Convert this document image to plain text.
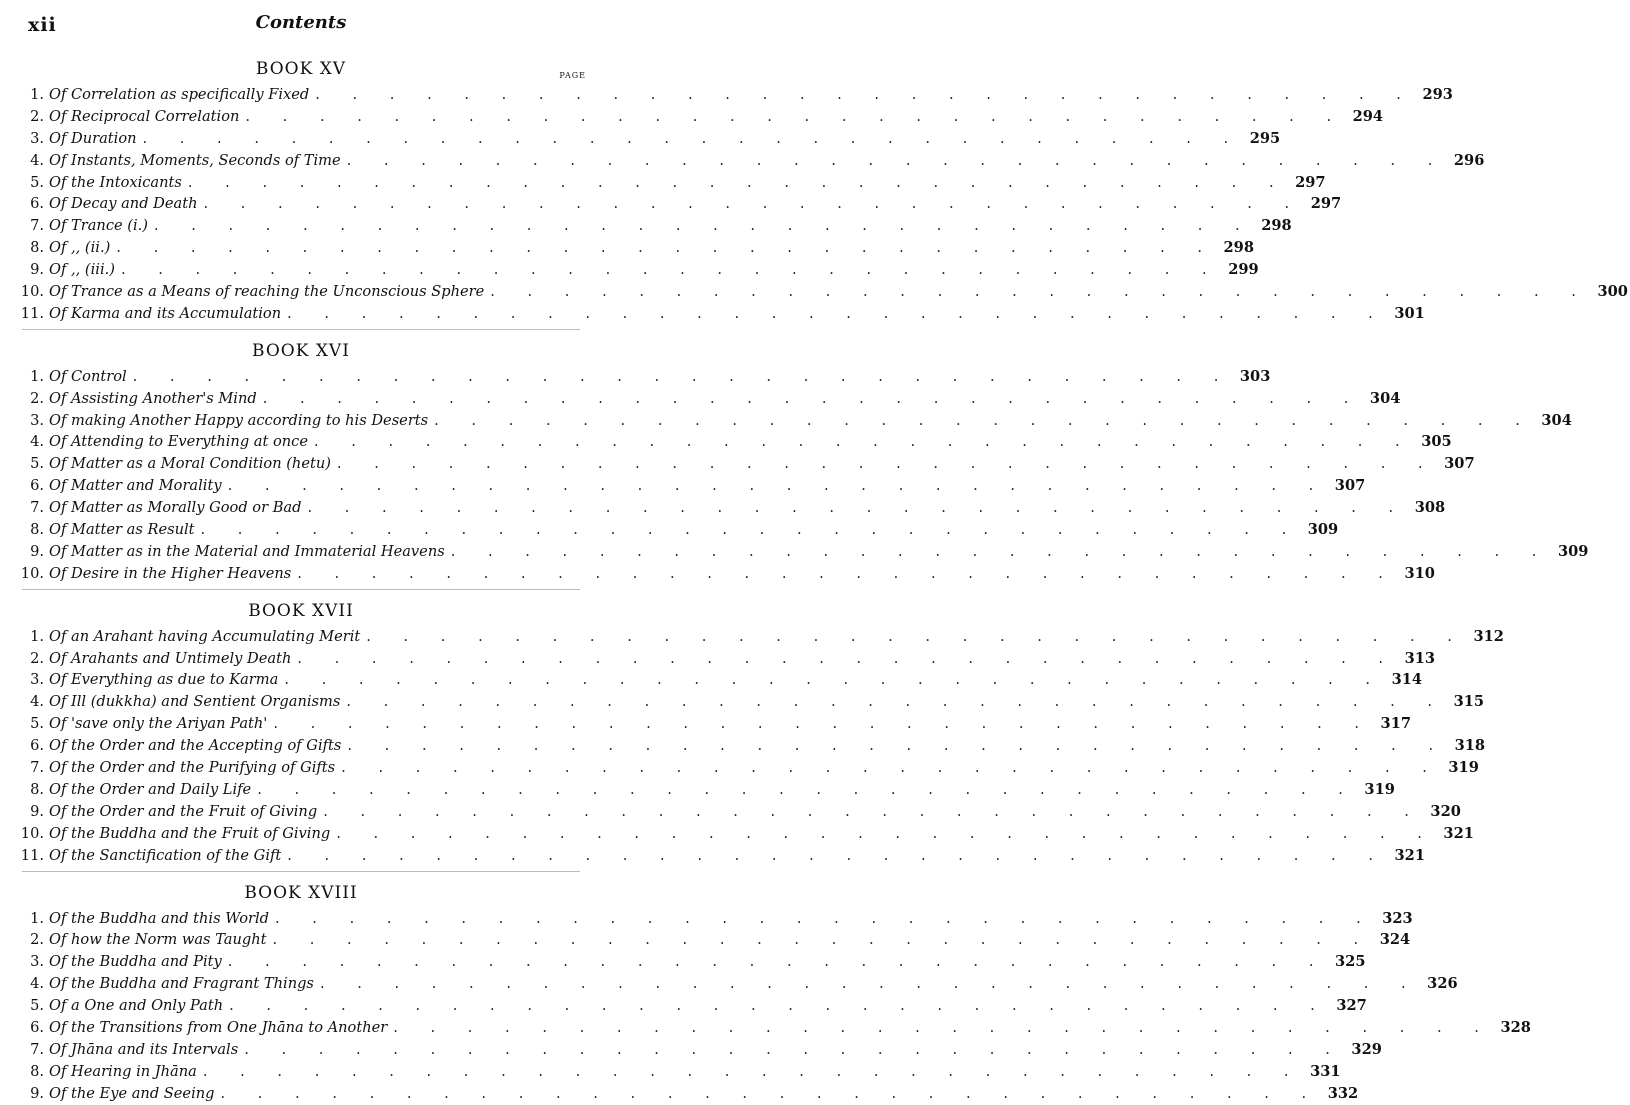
xii	Contents
BOOK XV	PAGE
1. Of Correlation as specifically Fixed . . . . . . . . . . . . . . . . . . . . . . . . . . . . . . 293
2. Of Reciprocal Correlation . . . . . . . . . . . . . . . . . . . . . . . . . . . . . . 294
3. Of Duration . . . . . . . . . . . . . . . . . . . . . . . . . . . . . . 295
4. Of Instants, Moments, Seconds of Time . . . . . . . . . . . . . . . . . . . . . . . . . . . . . . 296
5. Of the Intoxicants . . . . . . . . . . . . . . . . . . . . . . . . . . . . . . 297
6. Of Decay and Death . . . . . . . . . . . . . . . . . . . . . . . . . . . . . . 297
7. Of Trance (i.) . . . . . . . . . . . . . . . . . . . . . . . . . . . . . . 298
8. Of ,, (ii.) . . . . . . . . . . . . . . . . . . . . . . . . . . . . . . 298
9. Of ,, (iii.) . . . . . . . . . . . . . . . . . . . . . . . . . . . . . . 299
10. Of Trance as a Means of reaching the Unconscious Sphere . . . . . . . . . . . . . . . . . . . . . . . . . . . . . . 300
11. Of Karma and its Accumulation . . . . . . . . . . . . . . . . . . . . . . . . . . . . . . 301
BOOK XVI
1. Of Control . . . . . . . . . . . . . . . . . . . . . . . . . . . . . . 303
2. Of Assisting Another's Mind . . . . . . . . . . . . . . . . . . . . . . . . . . . . . . 304
3. Of making Another Happy according to his Deserts . . . . . . . . . . . . . . . . . . . . . . . . . . . . . . 304
4. Of Attending to Everything at once . . . . . . . . . . . . . . . . . . . . . . . . . . . . . . 305
5. Of Matter as a Moral Condition (hetu) . . . . . . . . . . . . . . . . . . . . . . . . . . . . . . 307
6. Of Matter and Morality . . . . . . . . . . . . . . . . . . . . . . . . . . . . . . 307
7. Of Matter as Morally Good or Bad . . . . . . . . . . . . . . . . . . . . . . . . . . . . . . 308
8. Of Matter as Result . . . . . . . . . . . . . . . . . . . . . . . . . . . . . . 309
9. Of Matter as in the Material and Immaterial Heavens . . . . . . . . . . . . . . . . . . . . . . . . . . . . . . 309
10. Of Desire in the Higher Heavens . . . . . . . . . . . . . . . . . . . . . . . . . . . . . . 310
BOOK XVII
1. Of an Arahant having Accumulating Merit . . . . . . . . . . . . . . . . . . . . . . . . . . . . . . 312
2. Of Arahants and Untimely Death . . . . . . . . . . . . . . . . . . . . . . . . . . . . . . 313
3. Of Everything as due to Karma . . . . . . . . . . . . . . . . . . . . . . . . . . . . . . 314
4. Of Ill (dukkha) and Sentient Organisms . . . . . . . . . . . . . . . . . . . . . . . . . . . . . . 315
5. Of 'save only the Ariyan Path' . . . . . . . . . . . . . . . . . . . . . . . . . . . . . . 317
6. Of the Order and the Accepting of Gifts . . . . . . . . . . . . . . . . . . . . . . . . . . . . . . 318
7. Of the Order and the Purifying of Gifts . . . . . . . . . . . . . . . . . . . . . . . . . . . . . . 319
8. Of the Order and Daily Life . . . . . . . . . . . . . . . . . . . . . . . . . . . . . . 319
9. Of the Order and the Fruit of Giving . . . . . . . . . . . . . . . . . . . . . . . . . . . . . . 320
10. Of the Buddha and the Fruit of Giving . . . . . . . . . . . . . . . . . . . . . . . . . . . . . . 321
11. Of the Sanctification of the Gift . . . . . . . . . . . . . . . . . . . . . . . . . . . . . . 321
BOOK XVIII
1. Of the Buddha and this World . . . . . . . . . . . . . . . . . . . . . . . . . . . . . . 323
2. Of how the Norm was Taught . . . . . . . . . . . . . . . . . . . . . . . . . . . . . . 324
3. Of the Buddha and Pity . . . . . . . . . . . . . . . . . . . . . . . . . . . . . . 325
4. Of the Buddha and Fragrant Things . . . . . . . . . . . . . . . . . . . . . . . . . . . . . . 326
5. Of a One and Only Path . . . . . . . . . . . . . . . . . . . . . . . . . . . . . . 327
6. Of the Transitions from One Jhāna to Another . . . . . . . . . . . . . . . . . . . . . . . . . . . . . . 328
7. Of Jhāna and its Intervals . . . . . . . . . . . . . . . . . . . . . . . . . . . . . . 329
8. Of Hearing in Jhāna . . . . . . . . . . . . . . . . . . . . . . . . . . . . . . 331
9. Of the Eye and Seeing . . . . . . . . . . . . . . . . . . . . . . . . . . . . . . 332
